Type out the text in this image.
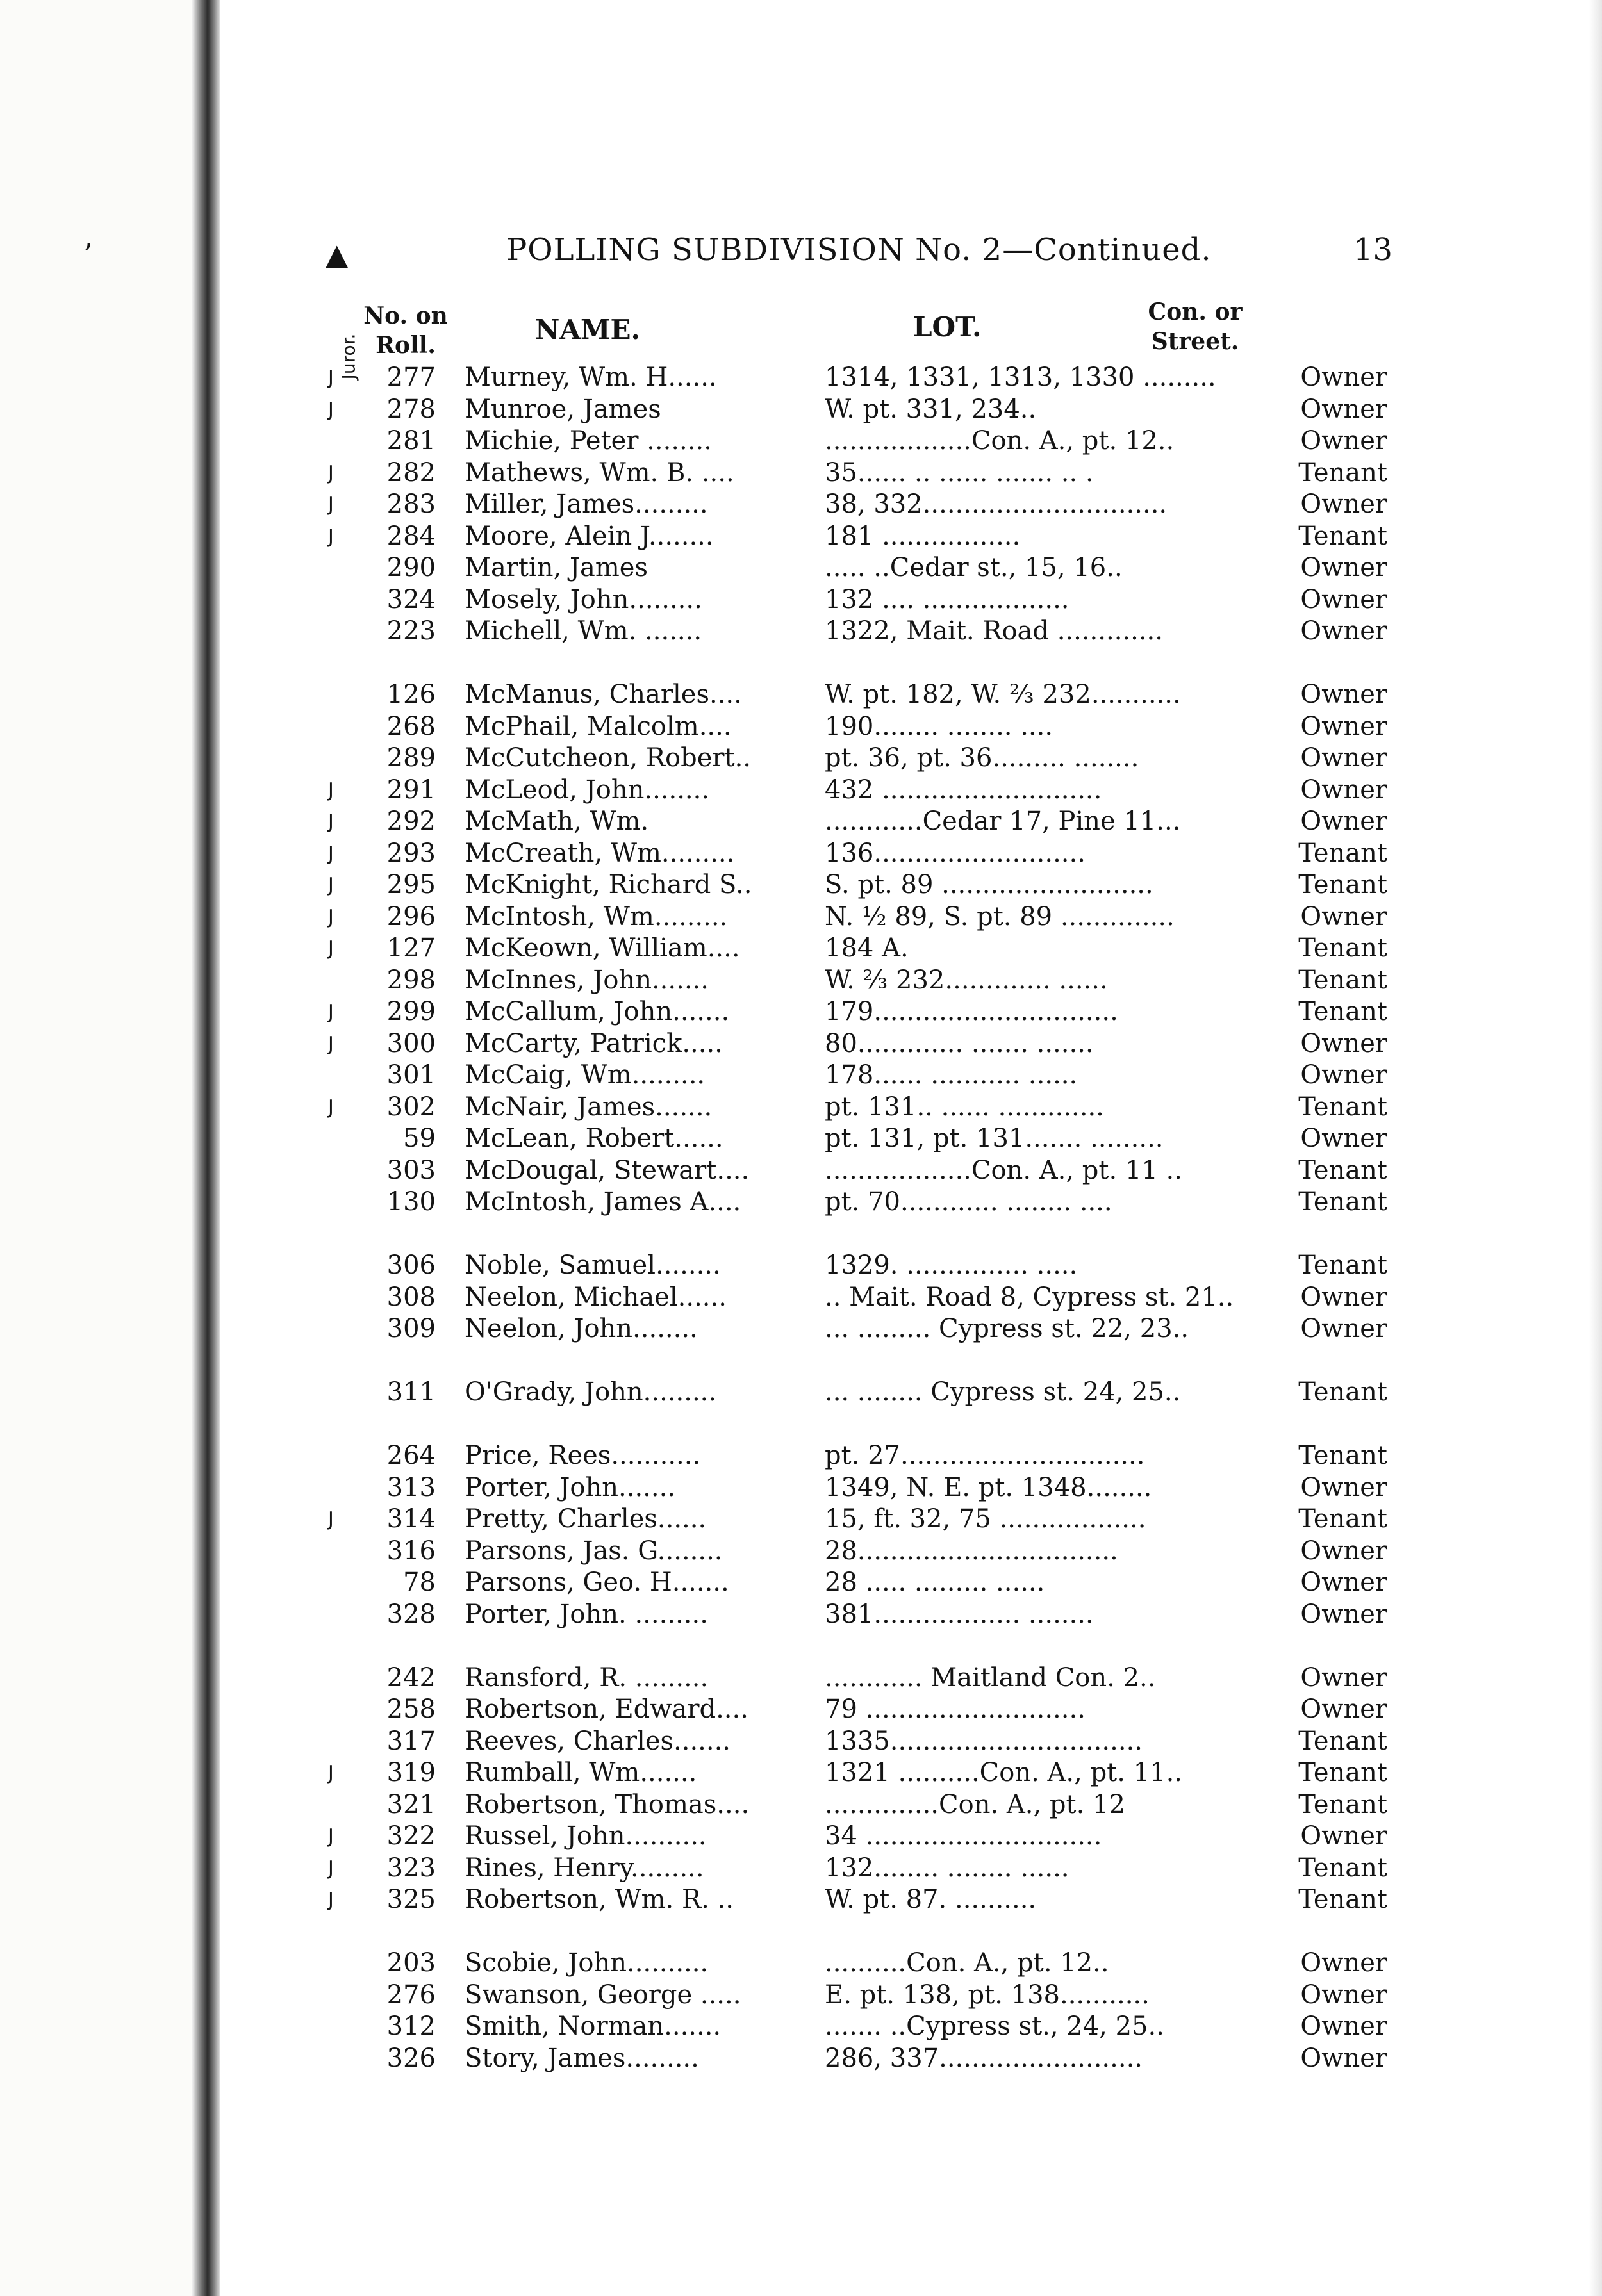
’	▲	POLLING SUBDIVISION No. 2—Continued.	13
Juror.
No. on
Roll.	NAME.	LOT.	Con. or
Street.
J	277 Murney, Wm. H......	1314, 1331, 1313, 1330 .........	Owner
J	278 Munroe, James	W. pt. 331, 234..	Owner
281 Michie, Peter ........	..................Con. A., pt. 12..	Owner
J	282 Mathews, Wm. B. ....	35...... .. ...... ....... .. .	Tenant
J	283 Miller, James.........	38, 332..............................	Owner
J	284 Moore, Alein J........	181 .................	Tenant
290 Martin, James	..... ..Cedar st., 15, 16..	Owner
324 Mosely, John.........	132 .... ..................	Owner
223 Michell, Wm. .......	1322, Mait. Road .............	Owner
126 McManus, Charles....	W. pt. 182, W. ⅔ 232...........	Owner
268 McPhail, Malcolm....	190........ ........ ....	Owner
289 McCutcheon, Robert..	pt. 36, pt. 36......... ........	Owner
J	291 McLeod, John........	432 ...........................	Owner
J	292 McMath, Wm.	............Cedar 17, Pine 11...	Owner
J	293 McCreath, Wm.........	136..........................	Tenant
J	295 McKnight, Richard S..	S. pt. 89 ..........................	Tenant
J	296 McIntosh, Wm.........	N. ½ 89, S. pt. 89 ..............	Owner
J	127 McKeown, William....	184 A.	Tenant
298 McInnes, John.......	W. ⅔ 232............. ......	Tenant
J	299 McCallum, John.......	179..............................	Tenant
J	300 McCarty, Patrick.....	80............. ....... .......	Owner
301 McCaig, Wm.........	178...... ........... ......	Owner
J	302 McNair, James.......	pt. 131.. ...... .............	Tenant
59 McLean, Robert......	pt. 131, pt. 131....... .........	Owner
303 McDougal, Stewart....	..................Con. A., pt. 11 ..	Tenant
130 McIntosh, James A....	pt. 70............ ........ ....	Tenant
306 Noble, Samuel........	1329. ............... .....	Tenant
308 Neelon, Michael......	.. Mait. Road 8, Cypress st. 21..	Owner
309 Neelon, John........	... ......... Cypress st. 22, 23..	Owner
311 O'Grady, John.........	... ........ Cypress st. 24, 25..	Tenant
264 Price, Rees...........	pt. 27..............................	Tenant
313 Porter, John.......	1349, N. E. pt. 1348........	Owner
J	314 Pretty, Charles......	15, ft. 32, 75 ..................	Tenant
316 Parsons, Jas. G........	28................................	Owner
78 Parsons, Geo. H.......	28 ..... ......... ......	Owner
328 Porter, John. .........	381.................. ........	Owner
242 Ransford, R. .........	............ Maitland Con. 2..	Owner
258 Robertson, Edward....	79 ...........................	Owner
317 Reeves, Charles.......	1335...............................	Tenant
J	319 Rumball, Wm.......	1321 ..........Con. A., pt. 11..	Tenant
321 Robertson, Thomas....	..............Con. A., pt. 12	Tenant
J	322 Russel, John..........	34 .............................	Owner
J	323 Rines, Henry.........	132........ ........ ......	Tenant
J	325 Robertson, Wm. R. ..	W. pt. 87. ..........	Tenant
203 Scobie, John..........	..........Con. A., pt. 12..	Owner
276 Swanson, George .....	E. pt. 138, pt. 138...........	Owner
312 Smith, Norman.......	....... ..Cypress st., 24, 25..	Owner
326 Story, James.........	286, 337.........................	Owner
